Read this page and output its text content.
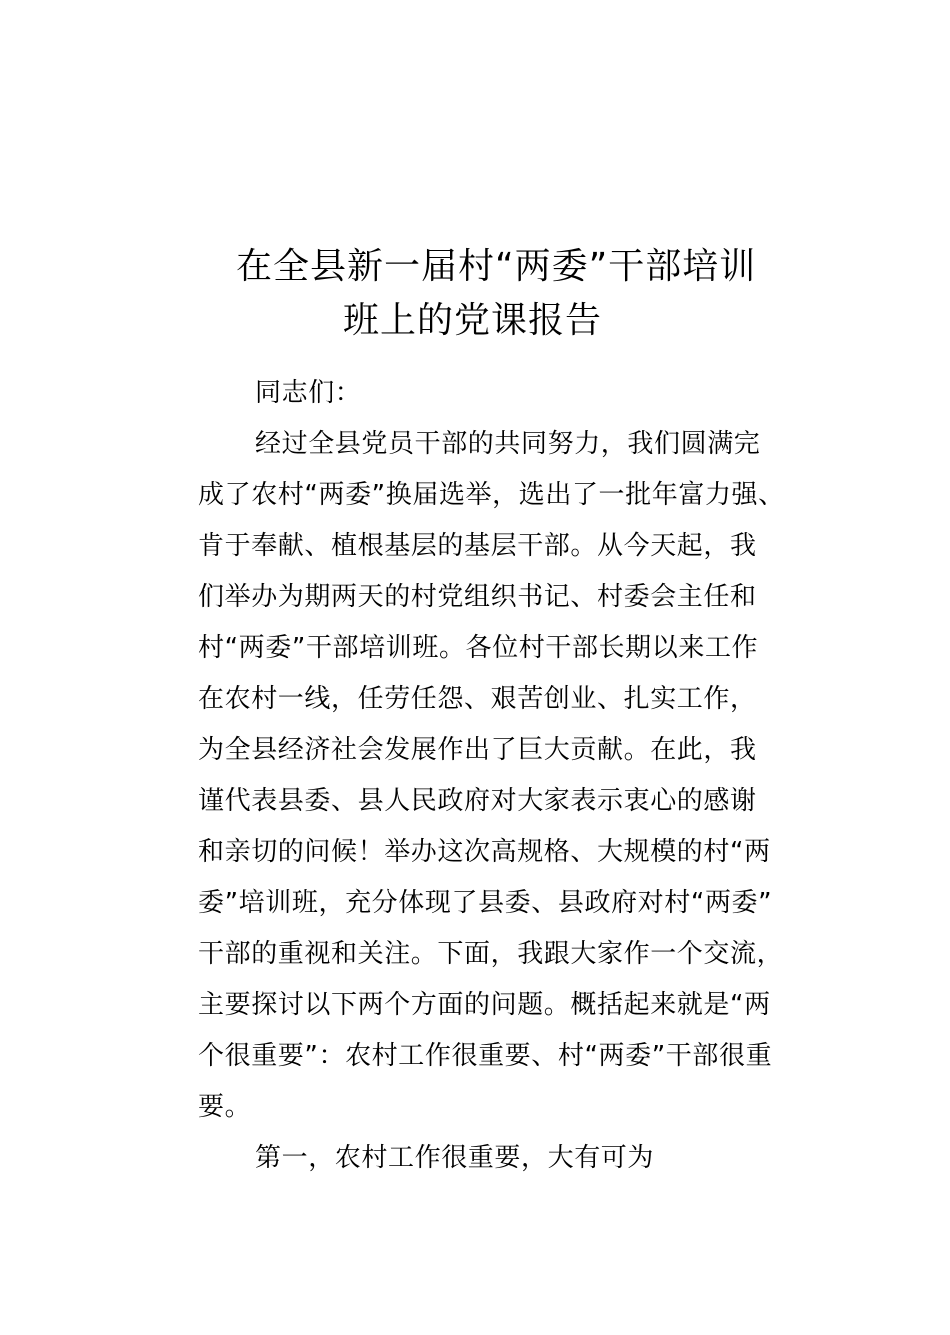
在全县新一届村“两委”干部培训
班上的党课报告
同志们：
经过全县党员干部的共同努力，我们圆满完
成了农村“两委”换届选举，选出了一批年富力强、
肯于奉献、植根基层的基层干部。从今天起，我
们举办为期两天的村党组织书记、村委会主任和
村“两委”干部培训班。各位村干部长期以来工作
在农村一线，任劳任怨、艰苦创业、扎实工作，
为全县经济社会发展作出了巨大贡献。在此，我
谨代表县委、县人民政府对大家表示衷心的感谢
和亲切的问候！举办这次高规格、大规模的村“两
委”培训班，充分体现了县委、县政府对村“两委”
干部的重视和关注。下面，我跟大家作一个交流，
主要探讨以下两个方面的问题。概括起来就是“两
个很重要”：农村工作很重要、村“两委”干部很重
要。
第一，农村工作很重要，大有可为
